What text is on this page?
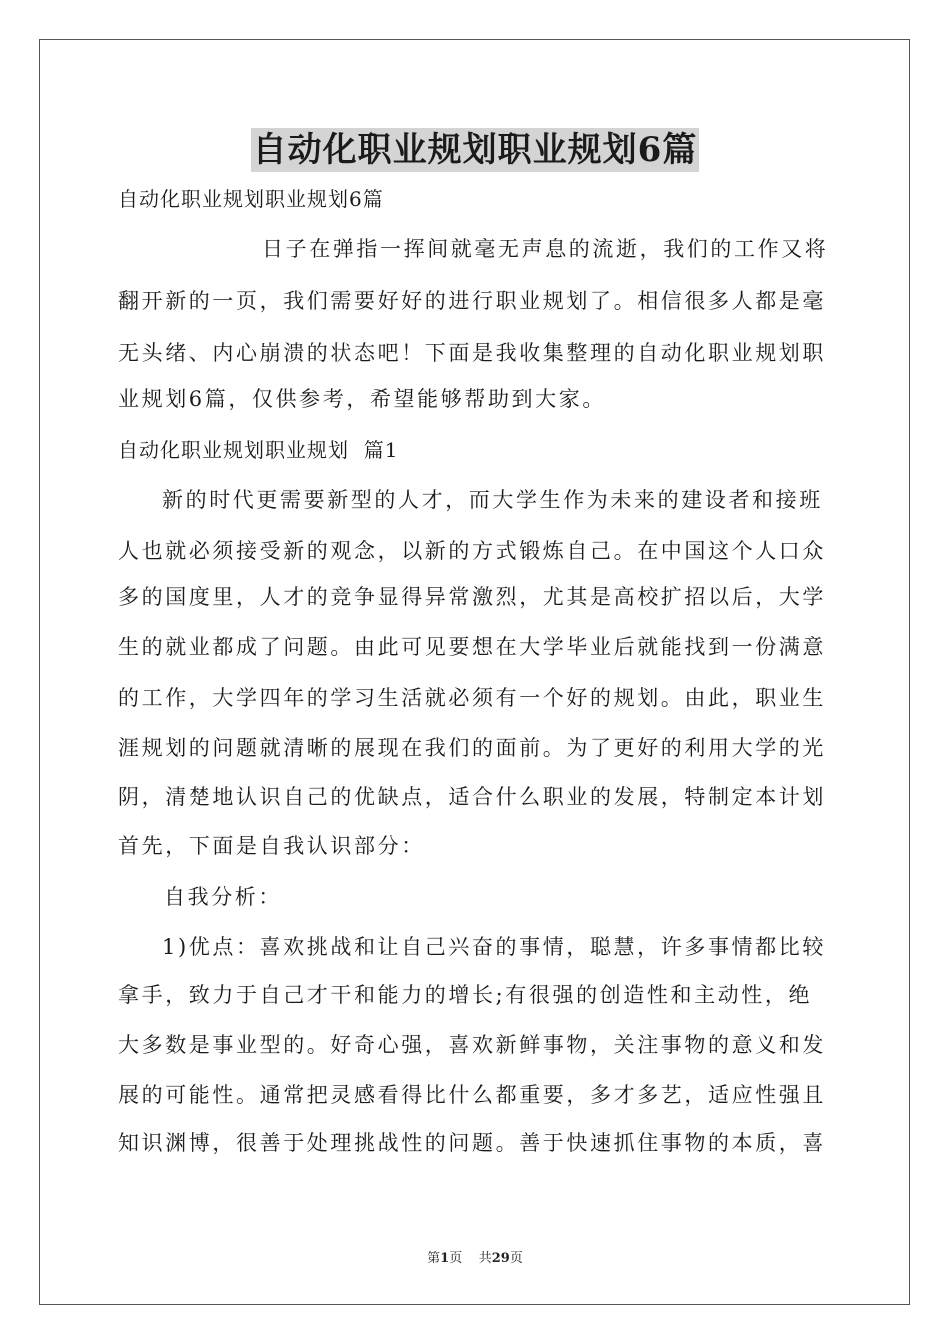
自动化职业规划职业规划6篇
自动化职业规划职业规划6篇
日子在弹指一挥间就毫无声息的流逝，我们的工作又将
翻开新的一页，我们需要好好的进行职业规划了。相信很多人都是毫
无头绪、内心崩溃的状态吧！下面是我收集整理的自动化职业规划职
业规划6篇，仅供参考，希望能够帮助到大家。
自动化职业规划职业规划  篇1
新的时代更需要新型的人才，而大学生作为未来的建设者和接班
人也就必须接受新的观念，以新的方式锻炼自己。在中国这个人口众
多的国度里，人才的竞争显得异常激烈，尤其是高校扩招以后，大学
生的就业都成了问题。由此可见要想在大学毕业后就能找到一份满意
的工作，大学四年的学习生活就必须有一个好的规划。由此，职业生
涯规划的问题就清晰的展现在我们的面前。为了更好的利用大学的光
阴，清楚地认识自己的优缺点，适合什么职业的发展，特制定本计划
首先，下面是自我认识部分：
自我分析：
1)优点：喜欢挑战和让自己兴奋的事情，聪慧，许多事情都比较
拿手，致力于自己才干和能力的增长;有很强的创造性和主动性，绝
大多数是事业型的。好奇心强，喜欢新鲜事物，关注事物的意义和发
展的可能性。通常把灵感看得比什么都重要，多才多艺，适应性强且
知识渊博，很善于处理挑战性的问题。善于快速抓住事物的本质，喜
第1页 共29页
